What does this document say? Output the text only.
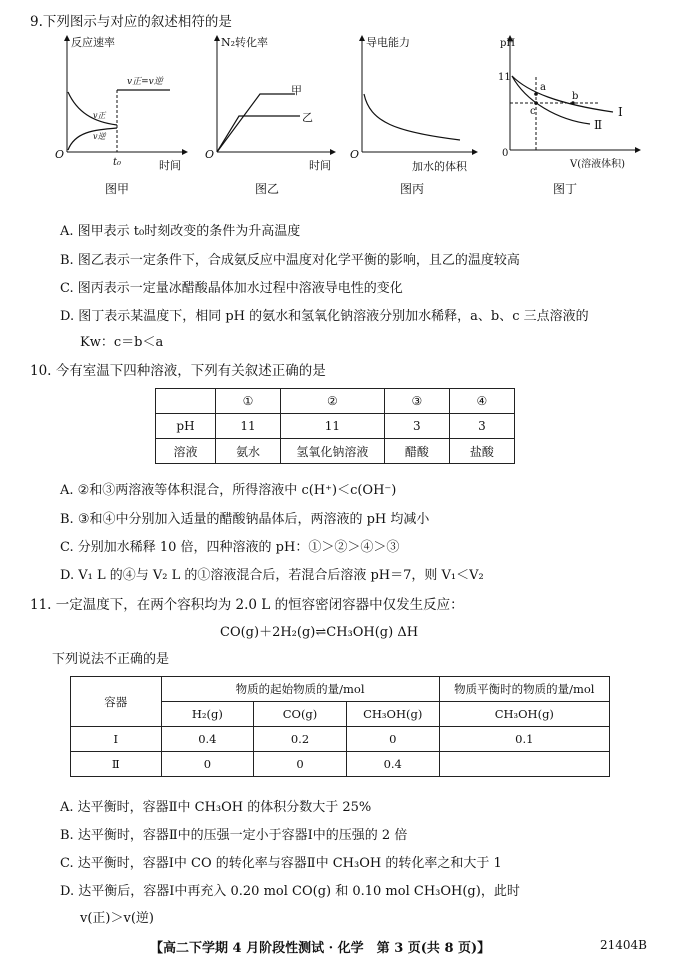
9.下列图示与对应的叙述相符的是
反应速率
O
时间
t₀
v正=v逆
v正
v逆
图甲
N₂转化率
O
时间
甲
乙
图乙
导电能力
O
加水的体积
图丙
pH
0
11
V(溶液体积)
a
b
c	Ⅰ
Ⅱ
图丁
A. 图甲表示 t₀时刻改变的条件为升高温度
B. 图乙表示一定条件下，合成氨反应中温度对化学平衡的影响，且乙的温度较高
C. 图丙表示一定量冰醋酸晶体加水过程中溶液导电性的变化
D. 图丁表示某温度下，相同 pH 的氨水和氢氧化钠溶液分别加水稀释，a、b、c 三点溶液的
Kw：c＝b＜a
10. 今有室温下四种溶液，下列有关叙述正确的是
	①	②	③	④
pH	11	11	3	3
溶液	氨水	氢氧化钠溶液	醋酸	盐酸
A. ②和③两溶液等体积混合，所得溶液中 c(H⁺)＜c(OH⁻)
B. ③和④中分别加入适量的醋酸钠晶体后，两溶液的 pH 均减小
C. 分别加水稀释 10 倍，四种溶液的 pH：①＞②＞④＞③
D. V₁ L 的④与 V₂ L 的①溶液混合后，若混合后溶液 pH＝7，则 V₁＜V₂
11. 一定温度下，在两个容积均为 2.0 L 的恒容密闭容器中仅发生反应：
CO(g)＋2H₂(g)⇌CH₃OH(g) ΔH
下列说法不正确的是
容器	物质的起始物质的量/mol			物质平衡时的物质的量/mol
	H₂(g)	CO(g)	CH₃OH(g)	CH₃OH(g)
Ⅰ	0.4	0.2	0	0.1
Ⅱ	0	0	0.4	
A. 达平衡时，容器Ⅱ中 CH₃OH 的体积分数大于 25%
B. 达平衡时，容器Ⅱ中的压强一定小于容器Ⅰ中的压强的 2 倍
C. 达平衡时，容器Ⅰ中 CO 的转化率与容器Ⅱ中 CH₃OH 的转化率之和大于 1
D. 达平衡后，容器Ⅰ中再充入 0.20 mol CO(g) 和 0.10 mol CH₃OH(g)，此时
v(正)＞v(逆)
【高二下学期 4 月阶段性测试 · 化学　第 3 页(共 8 页)】	21404B
